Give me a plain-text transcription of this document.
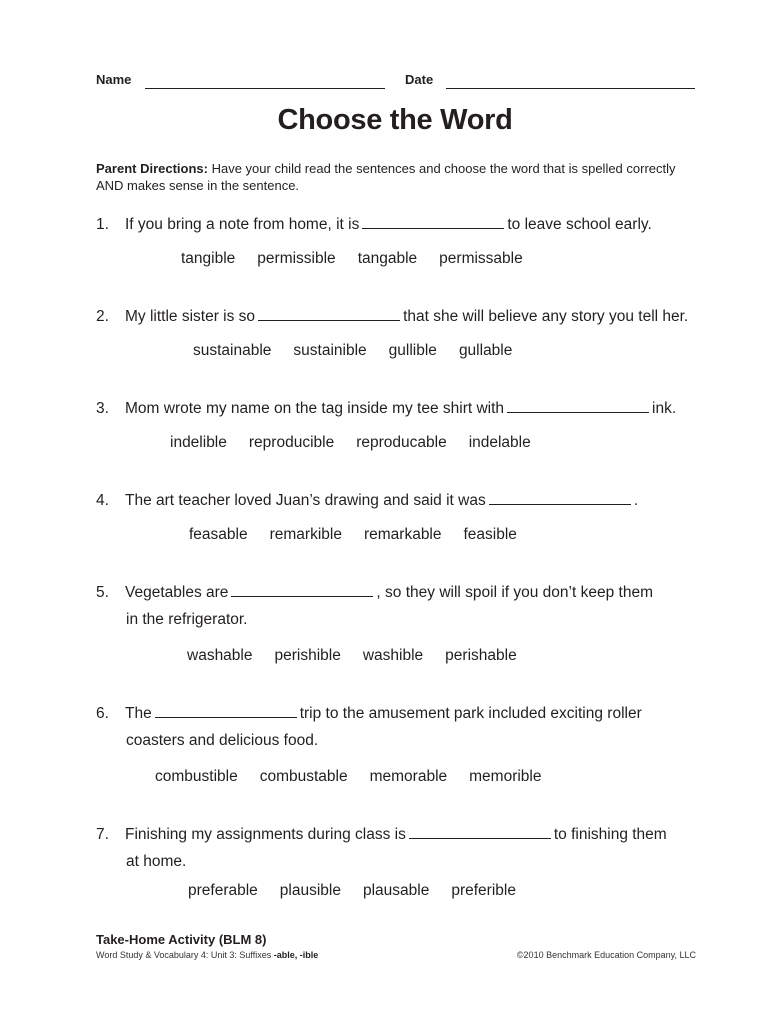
Name	Date
Choose the Word
Parent Directions: Have your child read the sentences and choose the word that is spelled correctly AND makes sense in the sentence.
1. If you bring a note from home, it is	to leave school early.
tangible permissible tangable permissable
2. My little sister is so	that she will believe any story you tell her.
sustainable sustainible gullible gullable
3. Mom wrote my name on the tag inside my tee shirt with	ink.
indelible reproducible reproducable indelable
4. The art teacher loved Juan’s drawing and said it was	.
feasable remarkible remarkable feasible
5. Vegetables are	, so they will spoil if you don’t keep them
in the refrigerator.
washable perishible washible perishable
6. The	trip to the amusement park included exciting roller
coasters and delicious food.
combustible combustable memorable memorible
7. Finishing my assignments during class is	to finishing them
at home.
preferable plausible plausable preferible
Take-Home Activity (BLM 8)
Word Study & Vocabulary 4: Unit 3: Suffixes -able, -ible	©2010 Benchmark Education Company, LLC
